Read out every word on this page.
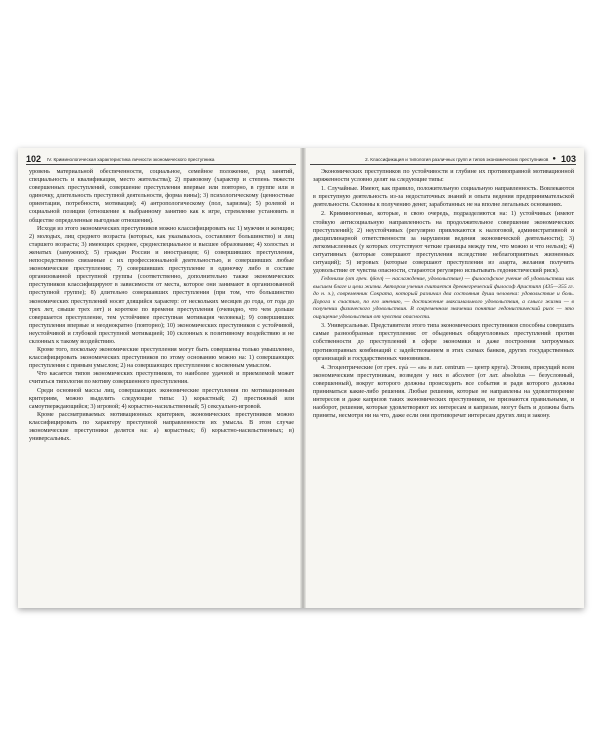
102 IV. Криминологическая характеристика личности экономического преступника

уровень материальной обеспеченности, социальное, семейное положение, род занятий, специальность и квалификация, место жительства); 2) правовому (характер и степень тяжести совершенных преступлений, совершение преступления впервые или повторно, в группе или в одиночку, длительность преступной деятельности, форма вины); 3) психологическому (ценностные ориентации, потребности, мотивация); 4) антропологическому (пол, харизма); 5) ролевой и социальной позиции (отношение к выбранному занятию как к игре, стремление установить в обществе определенные выгодные отношения).

Исходя из этого экономических преступников можно классифицировать на: 1) мужчин и женщин; 2) молодых, лиц среднего возраста (которых, как указывалось, составляют большинство) и лиц старшего возраста; 3) имеющих среднее, среднеспециальное и высшее образование; 4) холостых и женатых (замужних); 5) граждан России и иностранцев; 6) совершивших преступления, непосредственно связанные с их профессиональной деятельностью, и совершивших любые экономические преступления; 7) совершивших преступление в одиночку либо в составе организованной преступной группы (соответственно, дополнительно также экономических преступников классифицируют в зависимости от места, которое они занимают в организованной преступной группе); 8) длительно совершавших преступления (при том, что большинство экономических преступлений носят длящийся характер: от нескольких месяцев до года, от года до трех лет, свыше трех лет) и короткое по времени преступления (очевидно, что чем дольше совершается преступление, тем устойчивее преступная мотивация человека); 9) совершивших преступления впервые и неоднократно (повторно); 10) экономических преступников с устойчивой, неустойчивой и глубокой преступной мотивацией; 10) склонных к позитивному воздействию и не склонных к такому воздействию.

Кроме того, поскольку экономические преступления могут быть совершены только умышленно, классифицировать экономических преступников по этому основанию можно на: 1) совершающих преступления с прямым умыслом; 2) на совершающих преступления с косвенным умыслом.

Что касается типов экономических преступников, то наиболее удачной и приемлемой может считаться типология по мотиву совершенного преступления.

Среди основной массы лиц, совершающих экономические преступления по мотивационным критериям, можно выделить следующие типы: 1) корыстный; 2) престижный или самоутверждающийся; 3) игровой; 4) корыстно-насильственный; 5) сексуально-игровой.

Кроме рассматриваемых мотивационных критериев, экономических преступников можно классифицировать по характеру преступной направленности их умысла. В этом случае экономические преступники делятся на: а) корыстных; б) корыстно-насильственных; в) универсальных.

2. Классификация и типология различных групп и типов экономических преступников ● 103

Экономических преступников по устойчивости и глубине их противоправной мотивационной заряженности условно делят на следующие типы:

1. Случайные. Имеют, как правило, положительную социальную направленность. Вовлекаются в преступную деятельность из-за недостаточных знаний и опыта ведения предпринимательской деятельности. Склонны к получению денег, заработанных не на вполне легальных основаниях.

2. Криминогенные, которые, в свою очередь, подразделяются на: 1) устойчивых (имеют стойкую антисоциальную направленность на продолжительное совершение экономических преступлений); 2) неустойчивых (регулярно привлекаются к налоговой, административной и дисциплинарной ответственности за нарушения ведения экономической деятельности); 3) легкомысленных (у которых отсутствуют четкие границы между тем, что можно и что нельзя); 4) ситуативных (которые совершают преступления вследствие неблагоприятных жизненных ситуаций); 5) игровых (которые совершают преступления из азарта, желания получить удовольствие от чувства опасности, стараются регулярно испытывать гедонистический риск).

Гедонизм (от греч. ἡδονή — наслаждение, удовольствие) — философское учение об удовольствии как высшем благе и цели жизни. Автором учения считается древнегреческий философ Аристипп (435—355 гг. до н. э.), современник Сократа, который различал два состояния души человека: удовольствие и боль. Дорога к счастью, по его мнению, — достижение максимального удовольствия, а смысл жизни — в получении физического удовольствия. В современном значении понятие гедонистический риск — это ощущение удовольствия от чувства опасности.

3. Универсальные. Представители этого типа экономических преступников способны совершать самые разнообразные преступления: от обыденных общеуголовных преступлений против собственности до преступлений в сфере экономики и даже построения хитроумных противоправных комбинаций с задействованием в этих схемах банков, других государственных организаций и государственных чиновников.

4. Эгоцентрические (от греч. εγώ — «я» и лат. centrum — центр круга). Эгоизм, присущий всем экономическим преступникам, возведен у них в абсолют (от лат. absolutus — безусловный, совершенный), вокруг которого должны происходить все события и ради которого должны приниматься какие-либо решения. Любые решения, которые не направлены на удовлетворение интересов и даже капризов таких экономических преступников, не признаются правильными, и наоборот, решения, которые удовлетворяют их интересам и капризам, могут быть и должны быть приняты, несмотря ни на что, даже если они противоречат интересам других лиц и закону.
